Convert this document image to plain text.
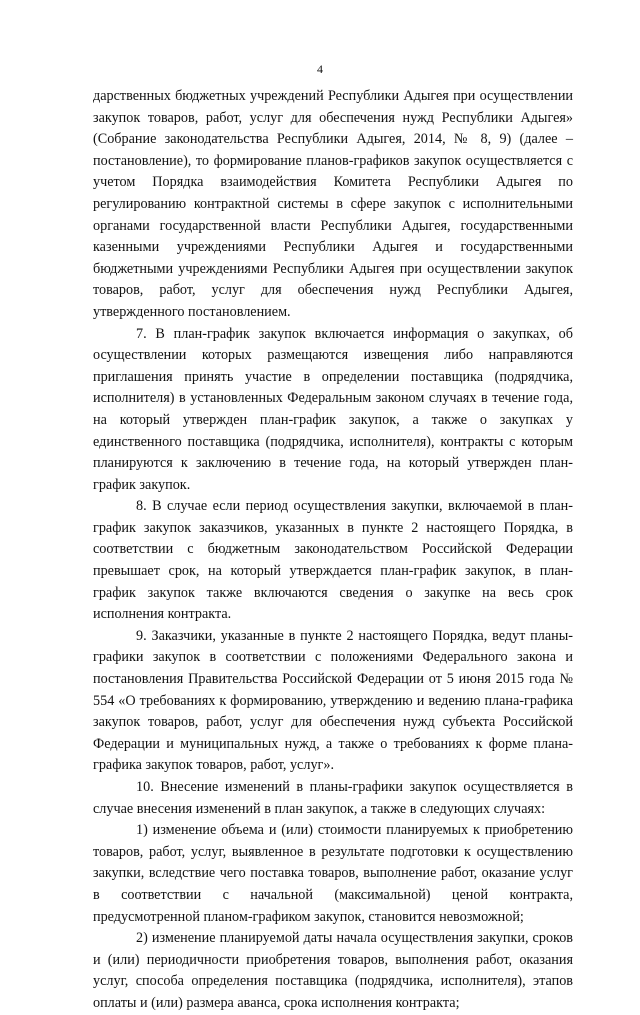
4

дарственных бюджетных учреждений Республики Адыгея при осуществлении закупок товаров, работ, услуг для обеспечения нужд Республики Адыгея» (Собрание законодательства Республики Адыгея, 2014, № 8, 9) (далее – постановление), то формирование планов-графиков закупок осуществляется с учетом Порядка взаимодействия Комитета Республики Адыгея по регулированию контрактной системы в сфере закупок с исполнительными органами государственной власти Республики Адыгея, государственными казенными учреждениями Республики Адыгея и государственными бюджетными учреждениями Республики Адыгея при осуществлении закупок товаров, работ, услуг для обеспечения нужд Республики Адыгея, утвержденного постановлением.

7. В план-график закупок включается информация о закупках, об осуществлении которых размещаются извещения либо направляются приглашения принять участие в определении поставщика (подрядчика, исполнителя) в установленных Федеральным законом случаях в течение года, на который утвержден план-график закупок, а также о закупках у единственного поставщика (подрядчика, исполнителя), контракты с которым планируются к заключению в течение года, на который утвержден план-график закупок.

8. В случае если период осуществления закупки, включаемой в план-график закупок заказчиков, указанных в пункте 2 настоящего Порядка, в соответствии с бюджетным законодательством Российской Федерации превышает срок, на который утверждается план-график закупок, в план-график закупок также включаются сведения о закупке на весь срок исполнения контракта.

9. Заказчики, указанные в пункте 2 настоящего Порядка, ведут планы-графики закупок в соответствии с положениями Федерального закона и постановления Правительства Российской Федерации от 5 июня 2015 года № 554 «О требованиях к формированию, утверждению и ведению плана-графика закупок товаров, работ, услуг для обеспечения нужд субъекта Российской Федерации и муниципальных нужд, а также о требованиях к форме плана-графика закупок товаров, работ, услуг».

10. Внесение изменений в планы-графики закупок осуществляется в случае внесения изменений в план закупок, а также в следующих случаях:

1) изменение объема и (или) стоимости планируемых к приобретению товаров, работ, услуг, выявленное в результате подготовки к осуществлению закупки, вследствие чего поставка товаров, выполнение работ, оказание услуг в соответствии с начальной (максимальной) ценой контракта, предусмотренной планом-графиком закупок, становится невозможной;

2) изменение планируемой даты начала осуществления закупки, сроков и (или) периодичности приобретения товаров, выполнения работ, оказания услуг, способа определения поставщика (подрядчика, исполнителя), этапов оплаты и (или) размера аванса, срока исполнения контракта;
